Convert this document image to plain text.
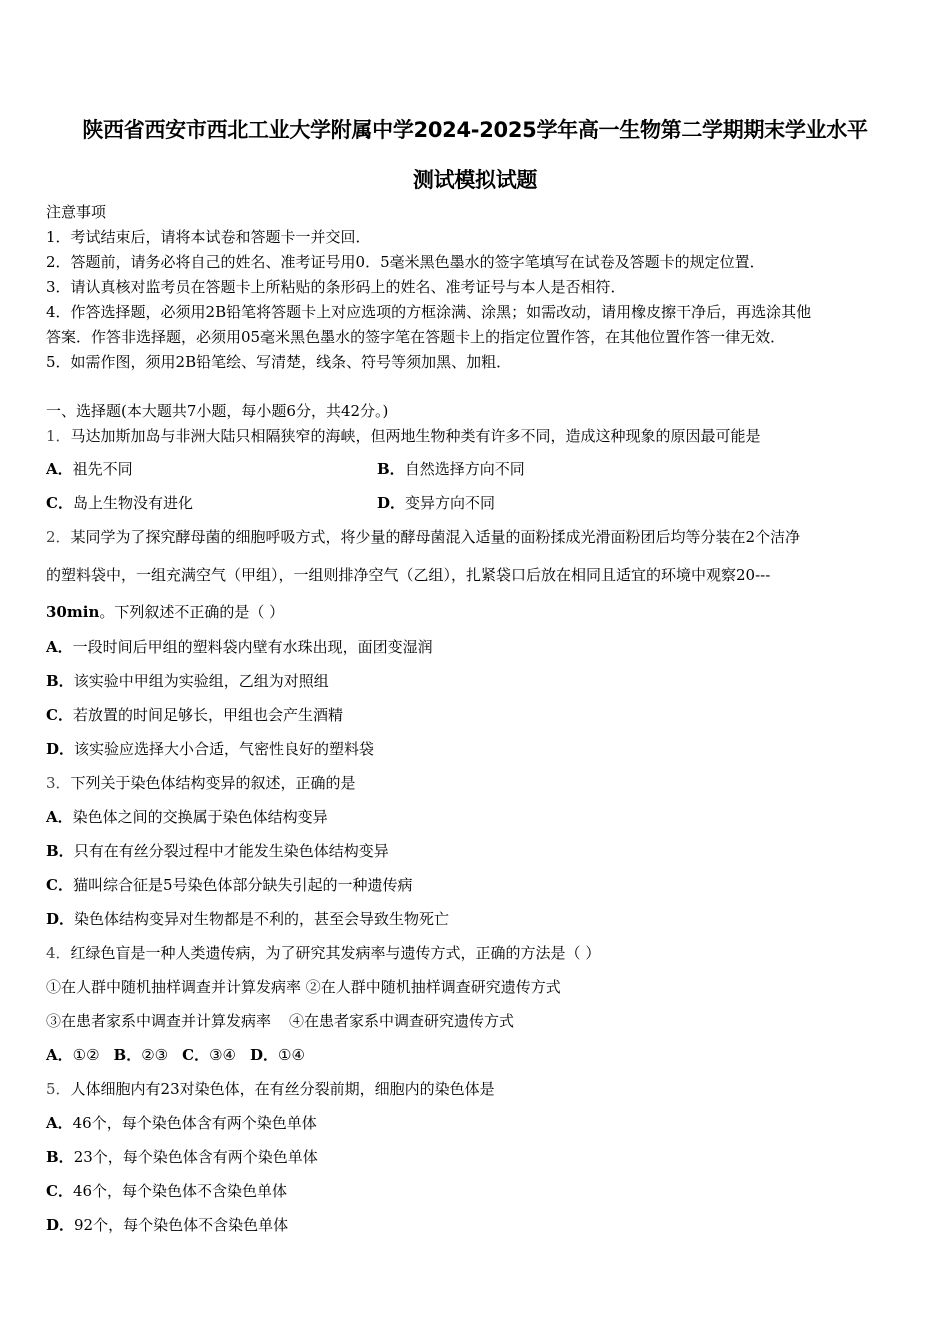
陕西省西安市西北工业大学附属中学2024-2025学年高一生物第二学期期末学业水平
测试模拟试题
注意事项
1．考试结束后，请将本试卷和答题卡一并交回．
2．答题前，请务必将自己的姓名、准考证号用0．5毫米黑色墨水的签字笔填写在试卷及答题卡的规定位置．
3．请认真核对监考员在答题卡上所粘贴的条形码上的姓名、准考证号与本人是否相符．
4．作答选择题，必须用2B铅笔将答题卡上对应选项的方框涂满、涂黑；如需改动，请用橡皮擦干净后，再选涂其他
答案．作答非选择题，必须用05毫米黑色墨水的签字笔在答题卡上的指定位置作答，在其他位置作答一律无效．
5．如需作图，须用2B铅笔绘、写清楚，线条、符号等须加黑、加粗．
一、选择题(本大题共7小题，每小题6分，共42分。)
1．马达加斯加岛与非洲大陆只相隔狭窄的海峡，但两地生物种类有许多不同，造成这种现象的原因最可能是
A．祖先不同	B．自然选择方向不同
C．岛上生物没有进化	D．变异方向不同
2．某同学为了探究酵母菌的细胞呼吸方式，将少量的酵母菌混入适量的面粉揉成光滑面粉团后均等分装在2个洁净
的塑料袋中，一组充满空气（甲组），一组则排净空气（乙组），扎紧袋口后放在相同且适宜的环境中观察20---
30min。下列叙述不正确的是（ ）
A．一段时间后甲组的塑料袋内壁有水珠出现，面团变湿润
B．该实验中甲组为实验组，乙组为对照组
C．若放置的时间足够长，甲组也会产生酒精
D．该实验应选择大小合适，气密性良好的塑料袋
3．下列关于染色体结构变异的叙述，正确的是
A．染色体之间的交换属于染色体结构变异
B．只有在有丝分裂过程中才能发生染色体结构变异
C．猫叫综合征是5号染色体部分缺失引起的一种遗传病
D．染色体结构变异对生物都是不利的，甚至会导致生物死亡
4．红绿色盲是一种人类遗传病，为了研究其发病率与遗传方式，正确的方法是（ ）
①在人群中随机抽样调查并计算发病率 ②在人群中随机抽样调查研究遗传方式
③在患者家系中调查并计算发病率 ④在患者家系中调查研究遗传方式
A．①② B．②③ C．③④ D．①④
5．人体细胞内有23对染色体，在有丝分裂前期，细胞内的染色体是
A．46个，每个染色体含有两个染色单体
B．23个，每个染色体含有两个染色单体
C．46个，每个染色体不含染色单体
D．92个，每个染色体不含染色单体
